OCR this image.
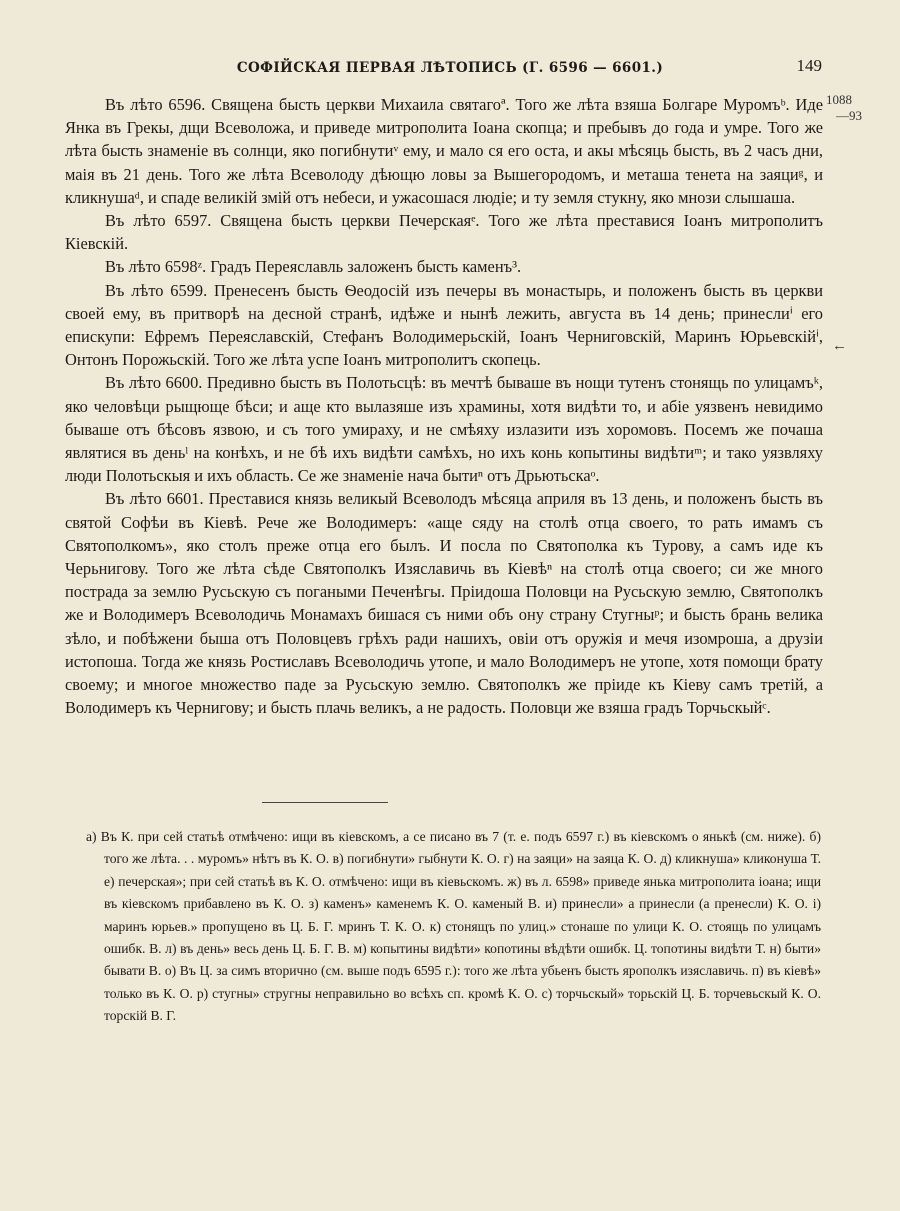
СОФІЙСКАЯ ПЕРВАЯ ЛѢТОПИСЬ (Г. 6596 — 6601.)	149
1088
—93
←

Въ лѣто 6596. Священа бысть церкви Михаила святагоª. Того же лѣта взяша Болгаре Муромъᵇ. Иде Янка въ Грекы, дщи Всеволожа, и приведе митрополита Іоана скопца; и пребывъ до года и умре. Того же лѣта бысть знаменіе въ солнци, яко погибнутиᵛ ему, и мало ся его оста, и акы мѣсяць бысть, въ 2 часъ дни, маія въ 21 день. Того же лѣта Всеволоду дѣющю ловы за Вышегородомъ, и меташа тенета на заяциᵍ, и кликнушаᵈ, и спаде великій змій отъ небеси, и ужасошася людіе; и ту земля стукну, яко мнози слышаша.

Въ лѣто 6597. Священа бысть церкви Печерскаяᵉ. Того же лѣта преставися Іоанъ митрополитъ Кіевскій.

Въ лѣто 6598ᶻ. Градъ Переяславль заложенъ бысть каменъ³.

Въ лѣто 6599. Пренесенъ бысть Ѳеодосій изъ печеры въ монастырь, и положенъ бысть въ церкви своей ему, въ притворѣ на десной странѣ, идѣже и нынѣ лежить, августа въ 14 день; принеслиⁱ его епискупи: Ефремъ Переяславскій, Стефанъ Володимерьскій, Іоанъ Черниговскій, Маринъ Юрьевскійⁱ, Онтонъ Порожьскій. Того же лѣта успе Іоанъ митрополитъ скопець.

Въ лѣто 6600. Предивно бысть въ Полотьсцѣ: въ мечтѣ бываше въ нощи тутенъ стонящь по улицамъᵏ, яко человѣци рыщюще бѣси; и аще кто вылазяше изъ храмины, хотя видѣти то, и абіе уязвенъ невидимо бываше отъ бѣсовъ язвою, и съ того умираху, и не смѣяху излазити изъ хоромовъ. Посемъ же почаша являтися въ деньˡ на конѣхъ, и не бѣ ихъ видѣти самѣхъ, но ихъ конь копытины видѣтиᵐ; и тако уязвляху люди Полотьскыя и ихъ область. Се же знаменіе нача бытиⁿ отъ Дрьютьскаᵒ.

Въ лѣто 6601. Преставися князь великый Всеволодъ мѣсяца априля въ 13 день, и положенъ бысть въ святой Софѣи въ Кіевѣ. Рече же Володимеръ: «аще сяду на столѣ отца своего, то рать имамъ съ Святополкомъ», яко столъ преже отца его былъ. И посла по Святополка къ Турову, а самъ иде къ Черьнигову. Того же лѣта сѣде Святополкъ Изяславичь въ Кіевѣⁿ на столѣ отца своего; си же много пострада за землю Русьскую съ погаными Печенѣгы. Пріидоша Половци на Русьскую землю, Святополкъ же и Володимеръ Всеволодичь Монамахъ бишася съ ними объ ону страну Стугныᵖ; и бысть брань велика зѣло, и побѣжени быша отъ Половцевъ грѣхъ ради нашихъ, овіи отъ оружія и мечя изомроша, а друзіи истопоша. Тогда же князь Ростиславъ Всеволодичь утопе, и мало Володимеръ не утопе, хотя помощи брату своему; и многое множество паде за Русьскую землю. Святополкъ же пріиде къ Кіеву самъ третій, а Володимеръ къ Чернигову; и бысть плачь великъ, а не радость. Половци же взяша градъ Торчьскыйᶜ.

а) Въ К. при сей статьѣ отмѣчено: ищи въ кіевскомъ, а се писано въ 7 (т. е. подъ 6597 г.) въ кіевскомъ о янькѣ (см. ниже). б) того же лѣта. . . муромъ» нѣтъ въ К. О. в) погибнути» гыбнути К. О. г) на заяци» на заяца К. О. д) кликнуша» кликонуша Т. е) печерская»; при сей статьѣ въ К. О. отмѣчено: ищи въ кіевьскомъ. ж) въ л. 6598» приведе янька митрополита іоана; ищи въ кіевскомъ прибавлено въ К. О. з) каменъ» каменемъ К. О. каменый В. и) принесли» а принесли (а пренесли) К. О. і) маринъ юрьев.» пропущено въ Ц. Б. Г. мринъ Т. К. О. к) стонящъ по улиц.» стонаше по улици К. О. стоящь по улицамъ ошибк. В. л) въ день» весь день Ц. Б. Г. В. м) копытины видѣти» копотины вѣдѣти ошибк. Ц. топотины видѣти Т. н) быти» бывати В. о) Въ Ц. за симъ вторично (см. выше подъ 6595 г.): того же лѣта убьенъ бысть ярополкъ изяславичь. п) въ кіевѣ» только въ К. О. р) стугны» стругны неправильно во всѣхъ сп. кромѣ К. О. с) торчьскый» торьскій Ц. Б. торчевьскый К. О. торскій В. Г.
